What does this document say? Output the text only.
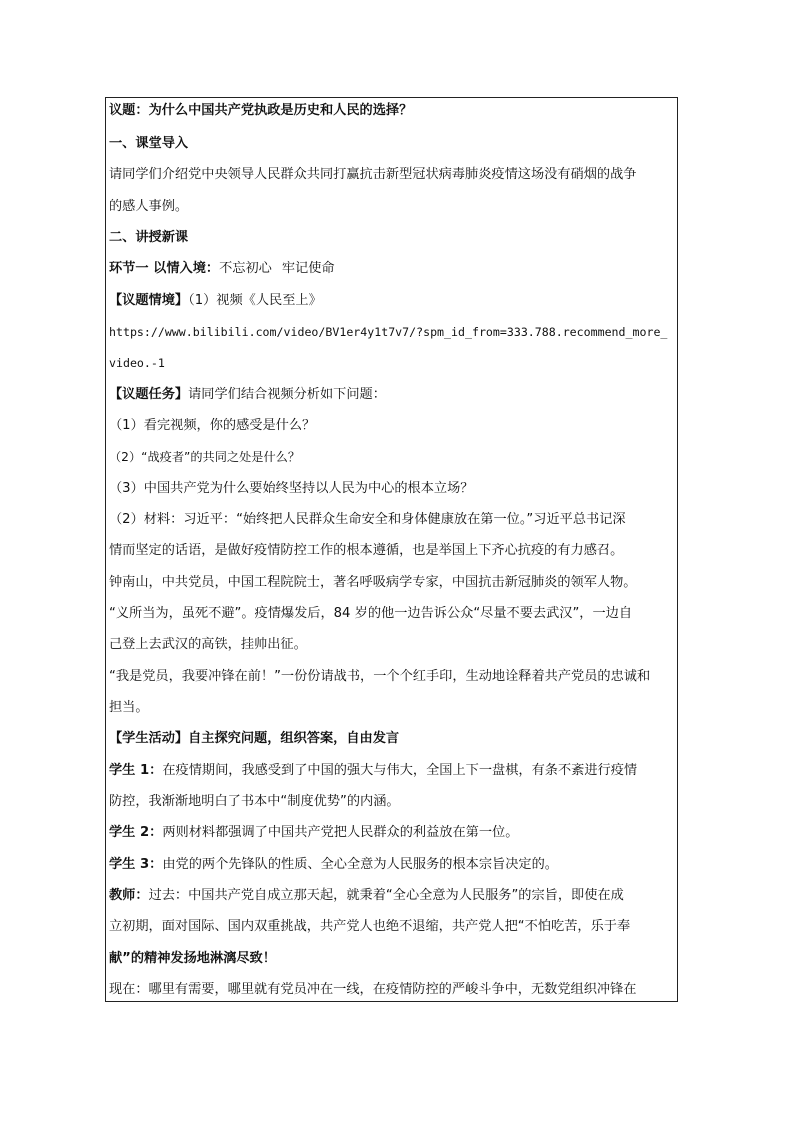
议题：为什么中国共产党执政是历史和人民的选择？
一、课堂导入
请同学们介绍党中央领导人民群众共同打赢抗击新型冠状病毒肺炎疫情这场没有硝烟的战争
的感人事例。
二、讲授新课
环节一 以情入境：不忘初心 牢记使命
【议题情境】（1）视频《人民至上》
https://www.bilibili.com/video/BV1er4y1t7v7/?spm_id_from=333.788.recommend_more_
video.-1
【议题任务】请同学们结合视频分析如下问题：
（1）看完视频，你的感受是什么？
（2）“战疫者”的共同之处是什么？
（3）中国共产党为什么要始终坚持以人民为中心的根本立场？
（2）材料：习近平：“始终把人民群众生命安全和身体健康放在第一位。”习近平总书记深
情而坚定的话语，是做好疫情防控工作的根本遵循，也是举国上下齐心抗疫的有力感召。
钟南山，中共党员，中国工程院院士，著名呼吸病学专家，中国抗击新冠肺炎的领军人物。
“义所当为，虽死不避”。疫情爆发后，84 岁的他一边告诉公众“尽量不要去武汉”，一边自
己登上去武汉的高铁，挂帅出征。
“我是党员，我要冲锋在前！”一份份请战书，一个个红手印，生动地诠释着共产党员的忠诚和
担当。
【学生活动】自主探究问题，组织答案，自由发言
学生 1：在疫情期间，我感受到了中国的强大与伟大，全国上下一盘棋，有条不紊进行疫情
防控，我渐渐地明白了书本中“制度优势”的内涵。
学生 2：两则材料都强调了中国共产党把人民群众的利益放在第一位。
学生 3：由党的两个先锋队的性质、全心全意为人民服务的根本宗旨决定的。
教师：过去：中国共产党自成立那天起，就秉着“全心全意为人民服务”的宗旨，即使在成
立初期，面对国际、国内双重挑战，共产党人也绝不退缩，共产党人把“不怕吃苦，乐于奉
献”的精神发扬地淋漓尽致！
现在：哪里有需要，哪里就有党员冲在一线，在疫情防控的严峻斗争中，无数党组织冲锋在
